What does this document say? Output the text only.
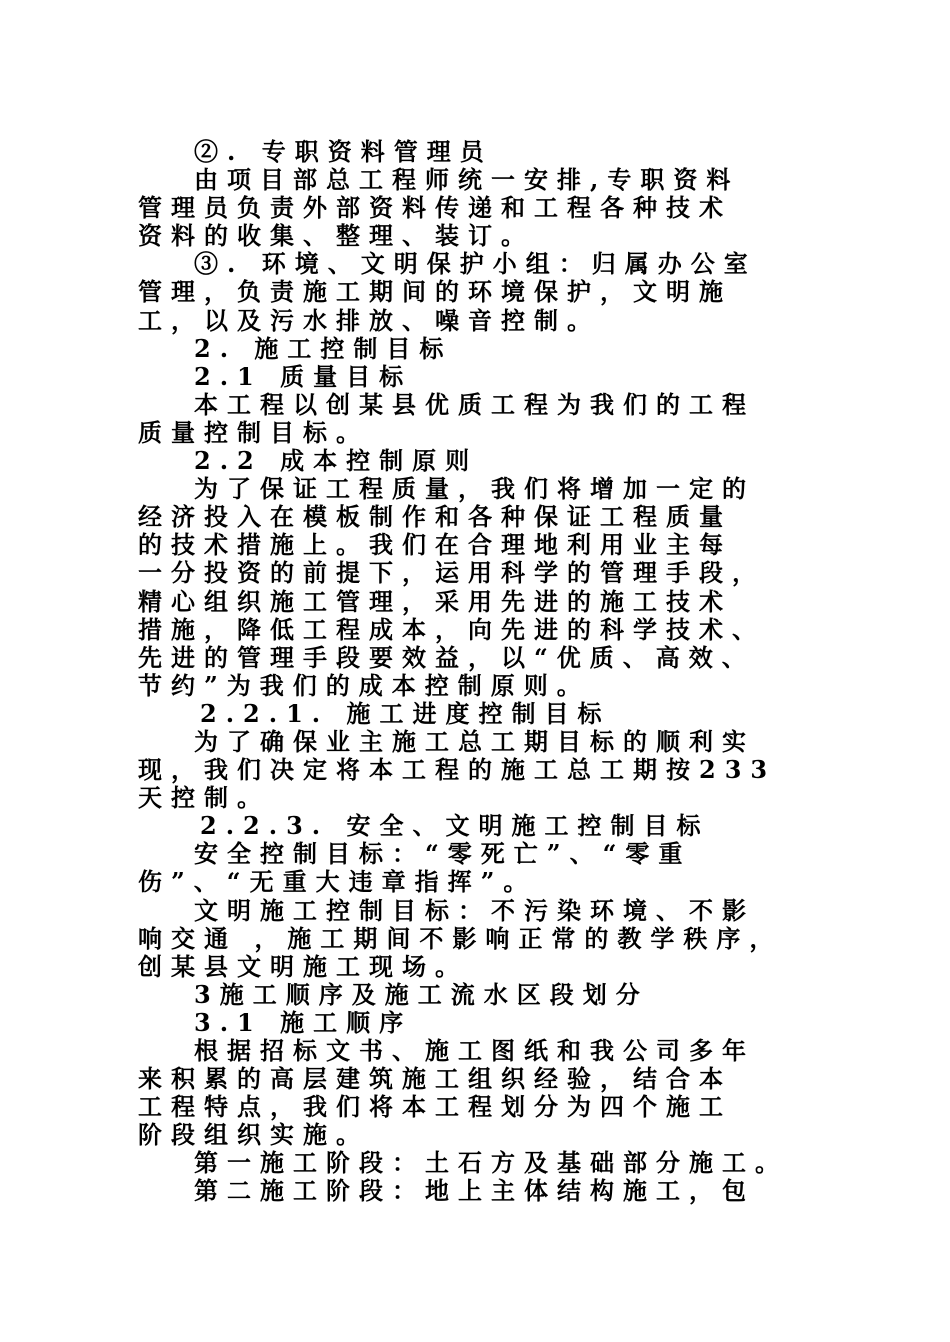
②. 专职资料管理员
由项目部总工程师统一安排,专职资料
管理员负责外部资料传递和工程各种技术
资料的收集、整理、装订。
③. 环境、文明保护小组：归属办公室
管理，负责施工期间的环境保护，文明施
工，以及污水排放、噪音控制。
2. 施工控制目标
2.1 质量目标
本工程以创某县优质工程为我们的工程
质量控制目标。
2.2 成本控制原则
为了保证工程质量，我们将增加一定的
经济投入在模板制作和各种保证工程质量
的技术措施上。我们在合理地利用业主每
一分投资的前提下，运用科学的管理手段，
精心组织施工管理，采用先进的施工技术
措施，降低工程成本，向先进的科学技术、
先进的管理手段要效益，以“优质、高效、
节约”为我们的成本控制原则。
2.2.1. 施工进度控制目标
为了确保业主施工总工期目标的顺利实
现，我们决定将本工程的施工总工期按233
天控制。
2.2.3. 安全、文明施工控制目标
安全控制目标：“零死亡”、“零重
伤”、“无重大违章指挥”。
文明施工控制目标：不污染环境、不影
响交通 ，施工期间不影响正常的教学秩序，
创某县文明施工现场。
3施工顺序及施工流水区段划分
3.1 施工顺序
根据招标文书、施工图纸和我公司多年
来积累的高层建筑施工组织经验，结合本
工程特点，我们将本工程划分为四个施工
阶段组织实施。
第一施工阶段：土石方及基础部分施工。
第二施工阶段：地上主体结构施工，包
